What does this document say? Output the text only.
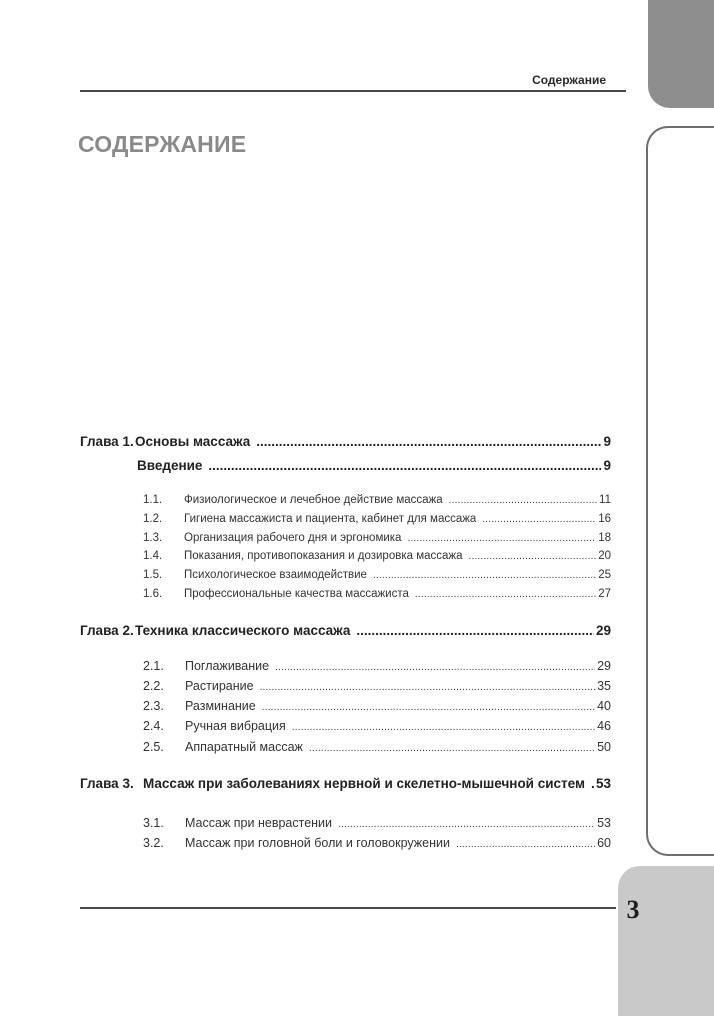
3
Содержание
СОДЕРЖАНИЕ
Глава 1. Основы массажа .....	9
Введение .....	9
1.1.	Физиологическое и лечебное действие массажа .....	11
1.2.	Гигиена массажиста и пациента, кабинет для массажа .....	16
1.3.	Организация рабочего дня и эргономика .....	18
1.4.	Показания, противопоказания и дозировка массажа .....	20
1.5.	Психологическое взаимодействие .....	25
1.6.	Профессиональные качества массажиста .....	27
Глава 2. Техника классического массажа .....	29
2.1.	Поглаживание .....	29
2.2.	Растирание .....	35
2.3.	Разминание .....	40
2.4.	Ручная вибрация .....	46
2.5.	Аппаратный массаж .....	50
Глава 3. Массаж при заболеваниях нервной и скелетно-мышечной систем ..... 53
3.1.	Массаж при неврастении .....	53
3.2.	Массаж при головной боли и головокружении .....	60
